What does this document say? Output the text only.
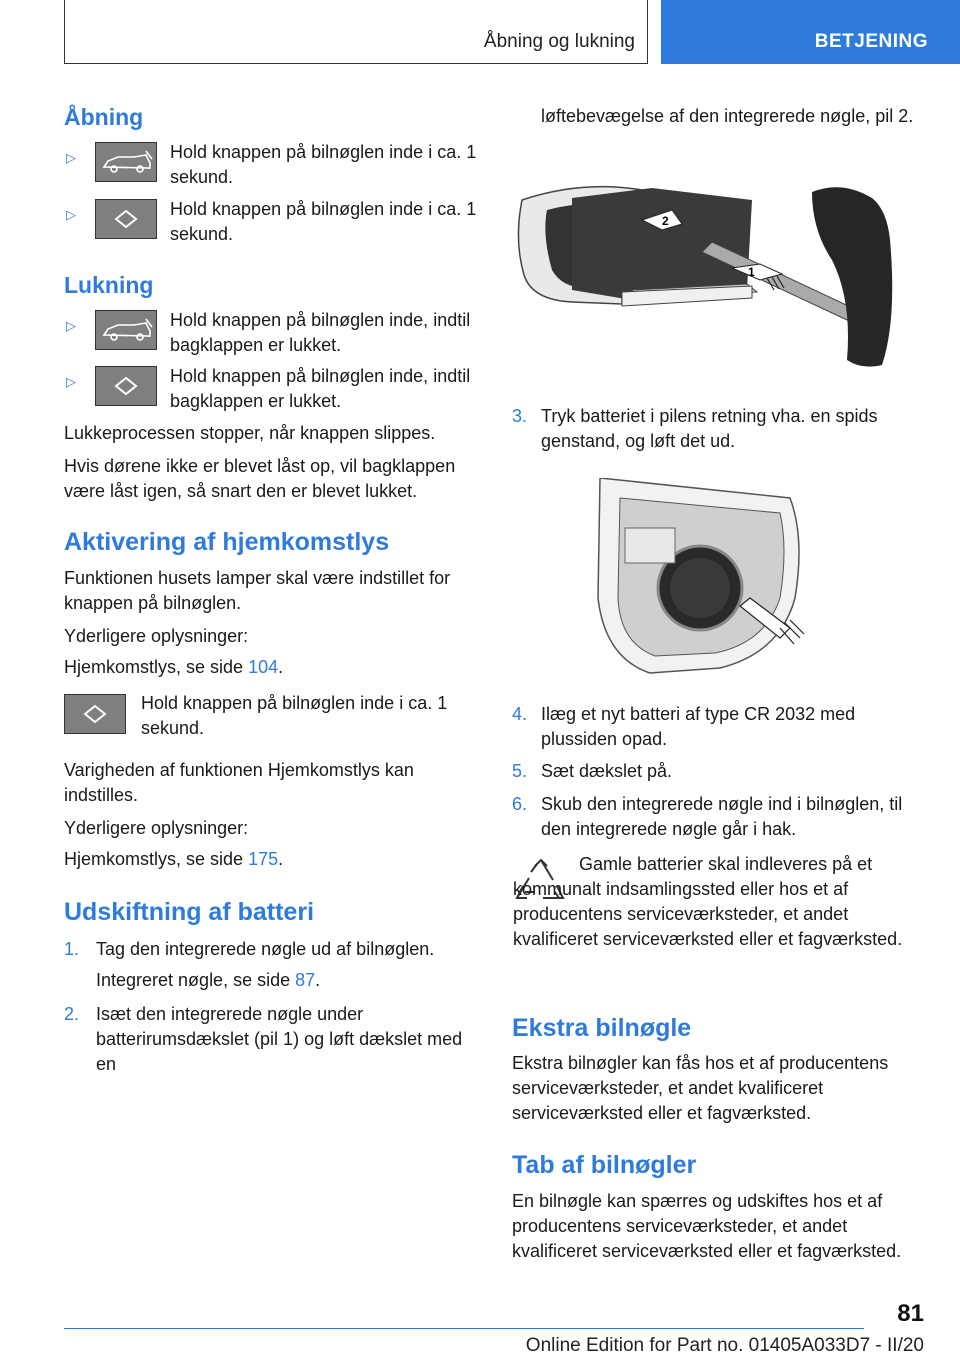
Åbning og lukning	BETJENING
Åbning
▷	Hold knappen på bilnøglen inde i ca. 1 sekund.

▷	Hold knappen på bilnøglen inde i ca. 1 sekund.

Lukning
▷	Hold knappen på bilnøglen inde, indtil bagklappen er lukket.

▷	Hold knappen på bilnøglen inde, indtil bagklappen er lukket.

Lukkeprocessen stopper, når knappen slippes.

Hvis dørene ikke er blevet låst op, vil bagklappen være låst igen, så snart den er blevet lukket.

Aktivering af hjemkomstlys

Funktionen husets lamper skal være indstillet for knappen på bilnøglen.

Yderligere oplysninger:

Hjemkomstlys, se side 104.

Hold knappen på bilnøglen inde i ca. 1 sekund.

Varigheden af funktionen Hjemkomstlys kan indstilles.

Yderligere oplysninger:

Hjemkomstlys, se side 175.

Udskiftning af batteri
1. Tag den integrerede nøgle ud af bilnøglen.

Integreret nøgle, se side 87.

2. Isæt den integrerede nøgle under batterirumsdækslet (pil 1) og løft dækslet med en

løftebevægelse af den integrerede nøgle, pil 2.

2
1
3. Tryk batteriet i pilens retning vha. en spids genstand, og løft det ud.

4. Ilæg et nyt batteri af type CR 2032 med plussiden opad.

5. Sæt dækslet på.

6. Skub den integrerede nøgle ind i bilnøglen, til den integrerede nøgle går i hak.

Gamle batterier skal indleveres på et kommunalt indsamlingssted eller hos et af producentens serviceværksteder, et andet kvalificeret serviceværksted eller et fagværksted.

Ekstra bilnøgle

Ekstra bilnøgler kan fås hos et af producentens serviceværksteder, et andet kvalificeret serviceværksted eller et fagværksted.

Tab af bilnøgler

En bilnøgle kan spærres og udskiftes hos et af producentens serviceværksteder, et andet kvalificeret serviceværksted eller et fagværksted.

81
Online Edition for Part no. 01405A033D7 - II/20
